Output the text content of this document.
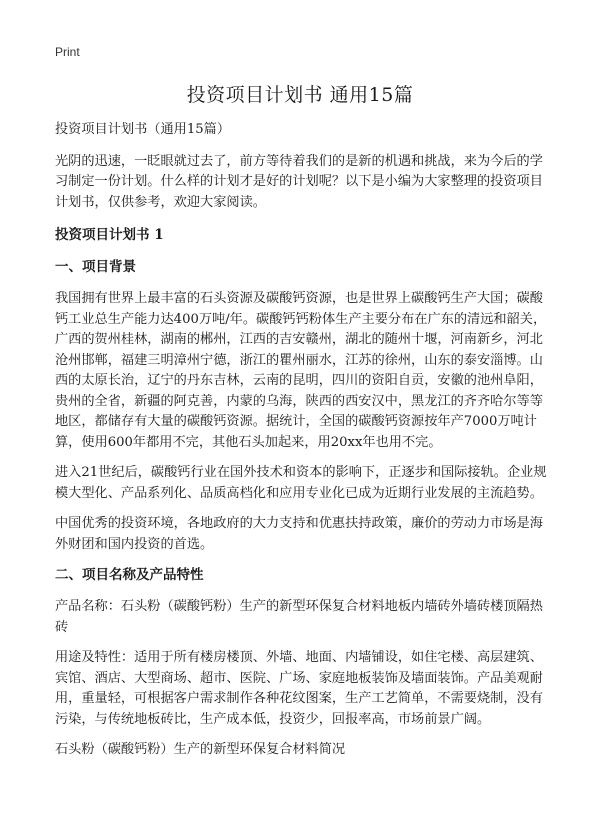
Print
投资项目计划书 通用15篇

投资项目计划书（通用15篇）

光阴的迅速，一眨眼就过去了，前方等待着我们的是新的机遇和挑战，来为今后的学习制定一份计划。什么样的计划才是好的计划呢？以下是小编为大家整理的投资项目计划书，仅供参考，欢迎大家阅读。

投资项目计划书 1
一、项目背景

我国拥有世界上最丰富的石头资源及碳酸钙资源，也是世界上碳酸钙生产大国；碳酸钙工业总生产能力达400万吨/年。碳酸钙钙粉体生产主要分布在广东的清远和韶关，广西的贺州桂林，湖南的郴州，江西的吉安赣州，湖北的随州十堰，河南新乡，河北沧州邯郸，福建三明漳州宁德，浙江的瞿州丽水，江苏的徐州，山东的泰安淄博。山西的太原长治，辽宁的丹东吉林，云南的昆明，四川的资阳自贡，安徽的池州阜阳，贵州的全省，新疆的阿克善，内蒙的乌海，陕西的西安汉中，黑龙江的齐齐哈尔等等地区，都储存有大量的碳酸钙资源。据统计，全国的碳酸钙资源按年产7000万吨计算，使用600年都用不完，其他石头加起来，用20xx年也用不完。

进入21世纪后，碳酸钙行业在国外技术和资本的影响下，正逐步和国际接轨。企业规模大型化、产品系列化、品质高档化和应用专业化已成为近期行业发展的主流趋势。

中国优秀的投资环境，各地政府的大力支持和优惠扶持政策，廉价的劳动力市场是海外财团和国内投资的首选。

二、项目名称及产品特性

产品名称：石头粉（碳酸钙粉）生产的新型环保复合材料地板内墙砖外墙砖楼顶隔热砖

用途及特性：适用于所有楼房楼顶、外墙、地面、内墙铺设，如住宅楼、高层建筑、宾馆、酒店、大型商场、超市、医院、广场、家庭地板装饰及墙面装饰。产品美观耐用，重量轻，可根据客户需求制作各种花纹图案，生产工艺简单，不需要烧制，没有污染，与传统地板砖比，生产成本低，投资少，回报率高，市场前景广阔。

石头粉（碳酸钙粉）生产的新型环保复合材料简况
